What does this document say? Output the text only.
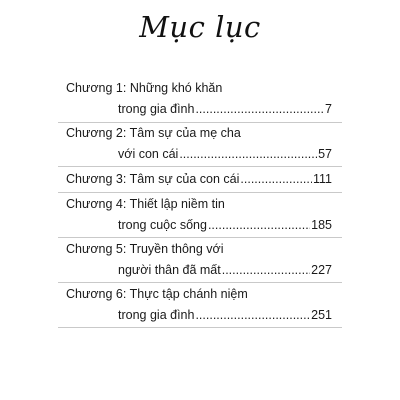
Mục lục
Chương 1: Những khó khăn
trong gia đình .....	7
Chương 2: Tâm sự của mẹ cha
với con cái .....	57
Chương 3: Tâm sự của con cái .....	111
Chương 4: Thiết lập niềm tin
trong cuộc sống .....	185
Chương 5: Truyền thông với
người thân đã mất .....	227
Chương 6: Thực tập chánh niệm
trong gia đình .....	251
